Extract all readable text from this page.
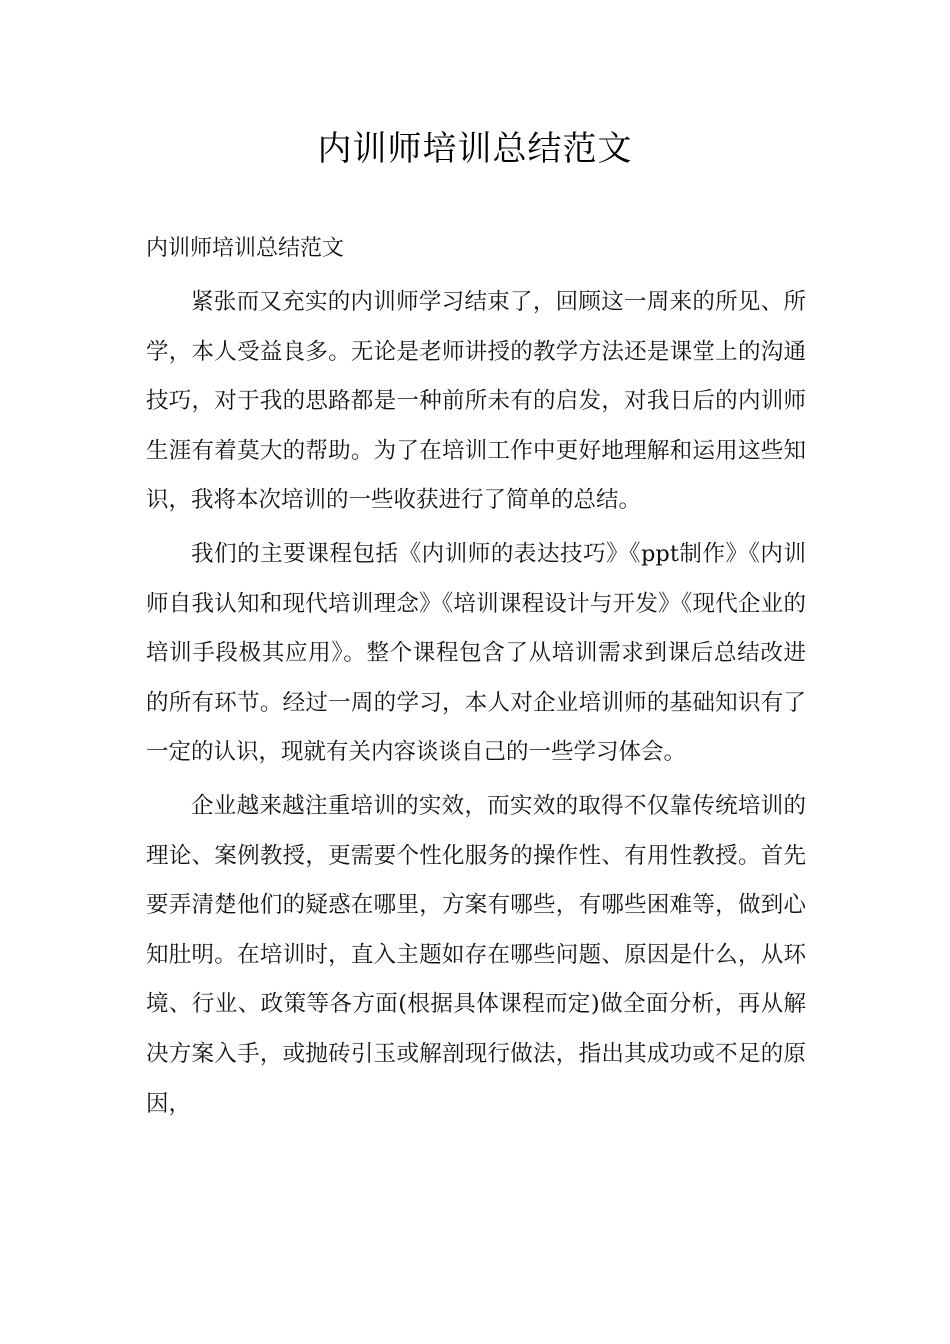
内训师培训总结范文

内训师培训总结范文

紧张而又充实的内训师学习结束了，回顾这一周来的所见、所学，本人受益良多。无论是老师讲授的教学方法还是课堂上的沟通技巧，对于我的思路都是一种前所未有的启发，对我日后的内训师生涯有着莫大的帮助。为了在培训工作中更好地理解和运用这些知识，我将本次培训的一些收获进行了简单的总结。

我们的主要课程包括《内训师的表达技巧》《ppt制作》《内训师自我认知和现代培训理念》《培训课程设计与开发》《现代企业的培训手段极其应用》。整个课程包含了从培训需求到课后总结改进的所有环节。经过一周的学习，本人对企业培训师的基础知识有了一定的认识，现就有关内容谈谈自己的一些学习体会。

企业越来越注重培训的实效，而实效的取得不仅靠传统培训的理论、案例教授，更需要个性化服务的操作性、有用性教授。首先要弄清楚他们的疑惑在哪里，方案有哪些，有哪些困难等，做到心知肚明。在培训时，直入主题如存在哪些问题、原因是什么，从环境、行业、政策等各方面(根据具体课程而定)做全面分析，再从解决方案入手，或抛砖引玉或解剖现行做法，指出其成功或不足的原因，
